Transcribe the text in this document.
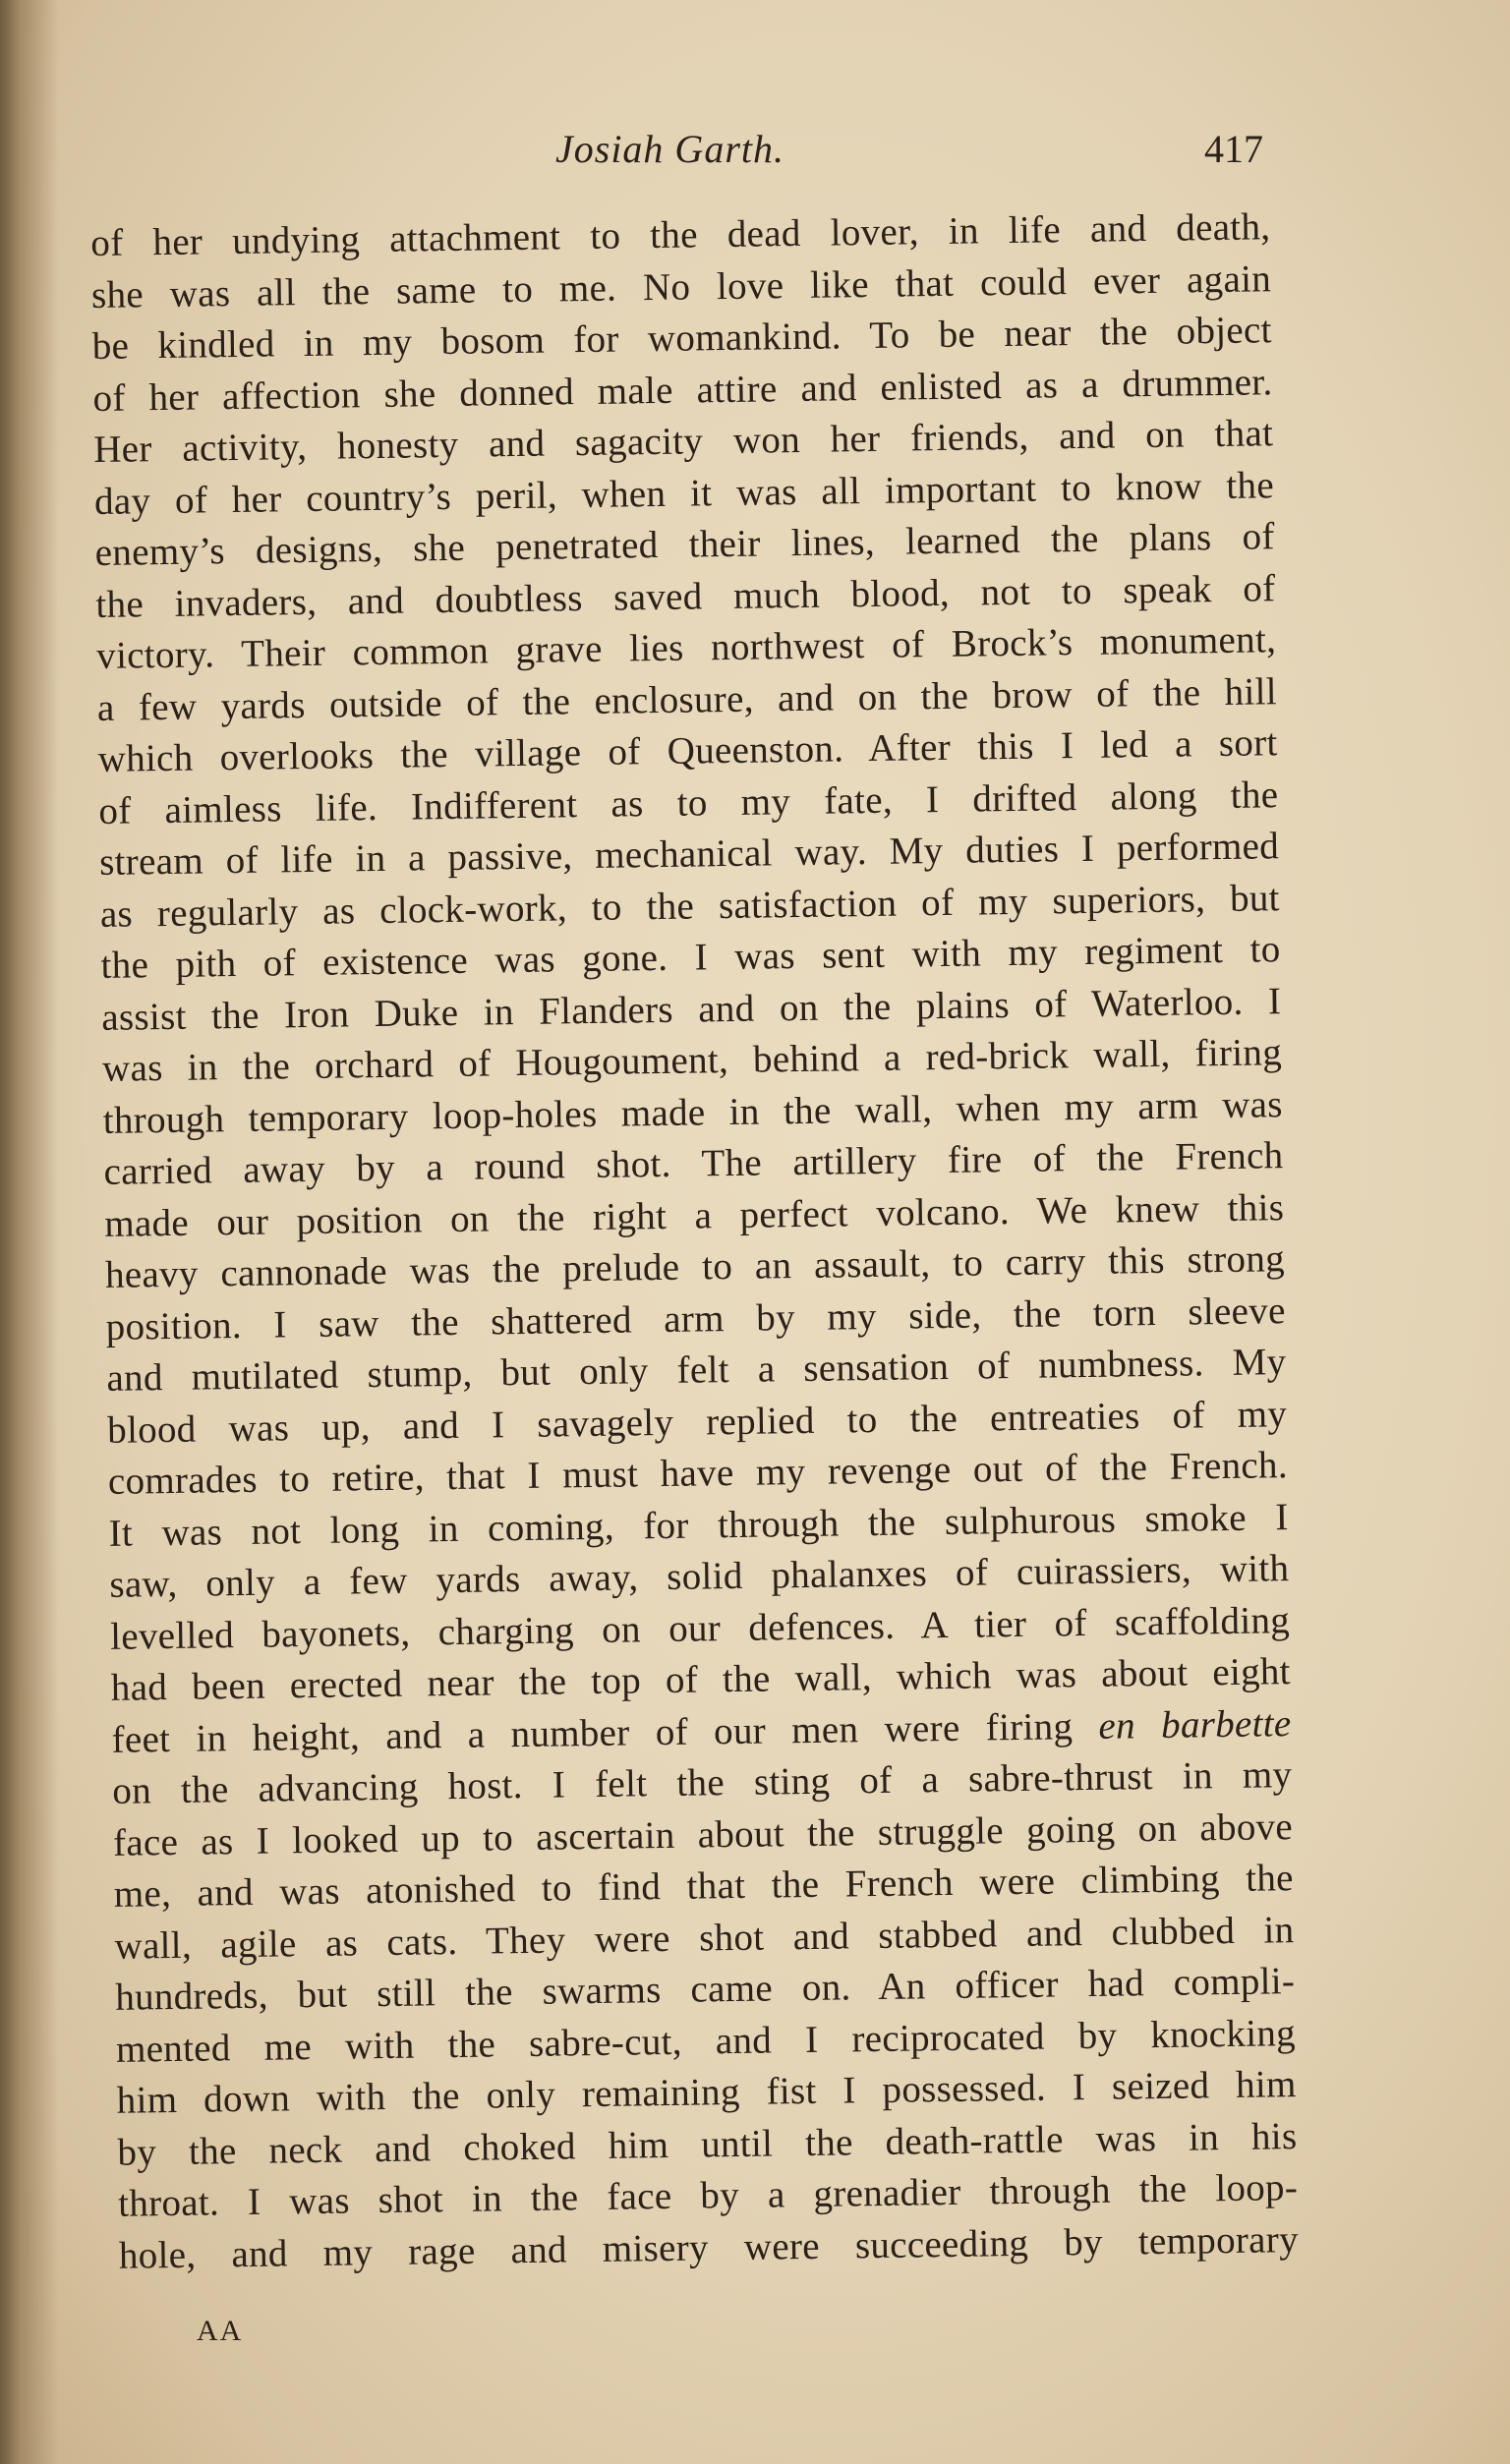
Josiah Garth.	417
of her undying attachment to the dead lover, in life and death,
she was all the same to me. No love like that could ever again
be kindled in my bosom for womankind. To be near the object
of her affection she donned male attire and enlisted as a drummer.
Her activity, honesty and sagacity won her friends, and on that
day of her country’s peril, when it was all important to know the
enemy’s designs, she penetrated their lines, learned the plans of
the invaders, and doubtless saved much blood, not to speak of
victory. Their common grave lies northwest of Brock’s monument,
a few yards outside of the enclosure, and on the brow of the hill
which overlooks the village of Queenston. After this I led a sort
of aimless life. Indifferent as to my fate, I drifted along the
stream of life in a passive, mechanical way. My duties I performed
as regularly as clock-work, to the satisfaction of my superiors, but
the pith of existence was gone. I was sent with my regiment to
assist the Iron Duke in Flanders and on the plains of Waterloo. I
was in the orchard of Hougoument, behind a red-brick wall, firing
through temporary loop-holes made in the wall, when my arm was
carried away by a round shot. The artillery fire of the French
made our position on the right a perfect volcano. We knew this
heavy cannonade was the prelude to an assault, to carry this strong
position. I saw the shattered arm by my side, the torn sleeve
and mutilated stump, but only felt a sensation of numbness. My
blood was up, and I savagely replied to the entreaties of my
comrades to retire, that I must have my revenge out of the French.
It was not long in coming, for through the sulphurous smoke I
saw, only a few yards away, solid phalanxes of cuirassiers, with
levelled bayonets, charging on our defences. A tier of scaffolding
had been erected near the top of the wall, which was about eight
feet in height, and a number of our men were firing en barbette
on the advancing host. I felt the sting of a sabre-thrust in my
face as I looked up to ascertain about the struggle going on above
me, and was atonished to find that the French were climbing the
wall, agile as cats. They were shot and stabbed and clubbed in
hundreds, but still the swarms came on. An officer had compli-
mented me with the sabre-cut, and I reciprocated by knocking
him down with the only remaining fist I possessed. I seized him
by the neck and choked him until the death-rattle was in his
throat. I was shot in the face by a grenadier through the loop-
hole, and my rage and misery were succeeding by temporary
AA
